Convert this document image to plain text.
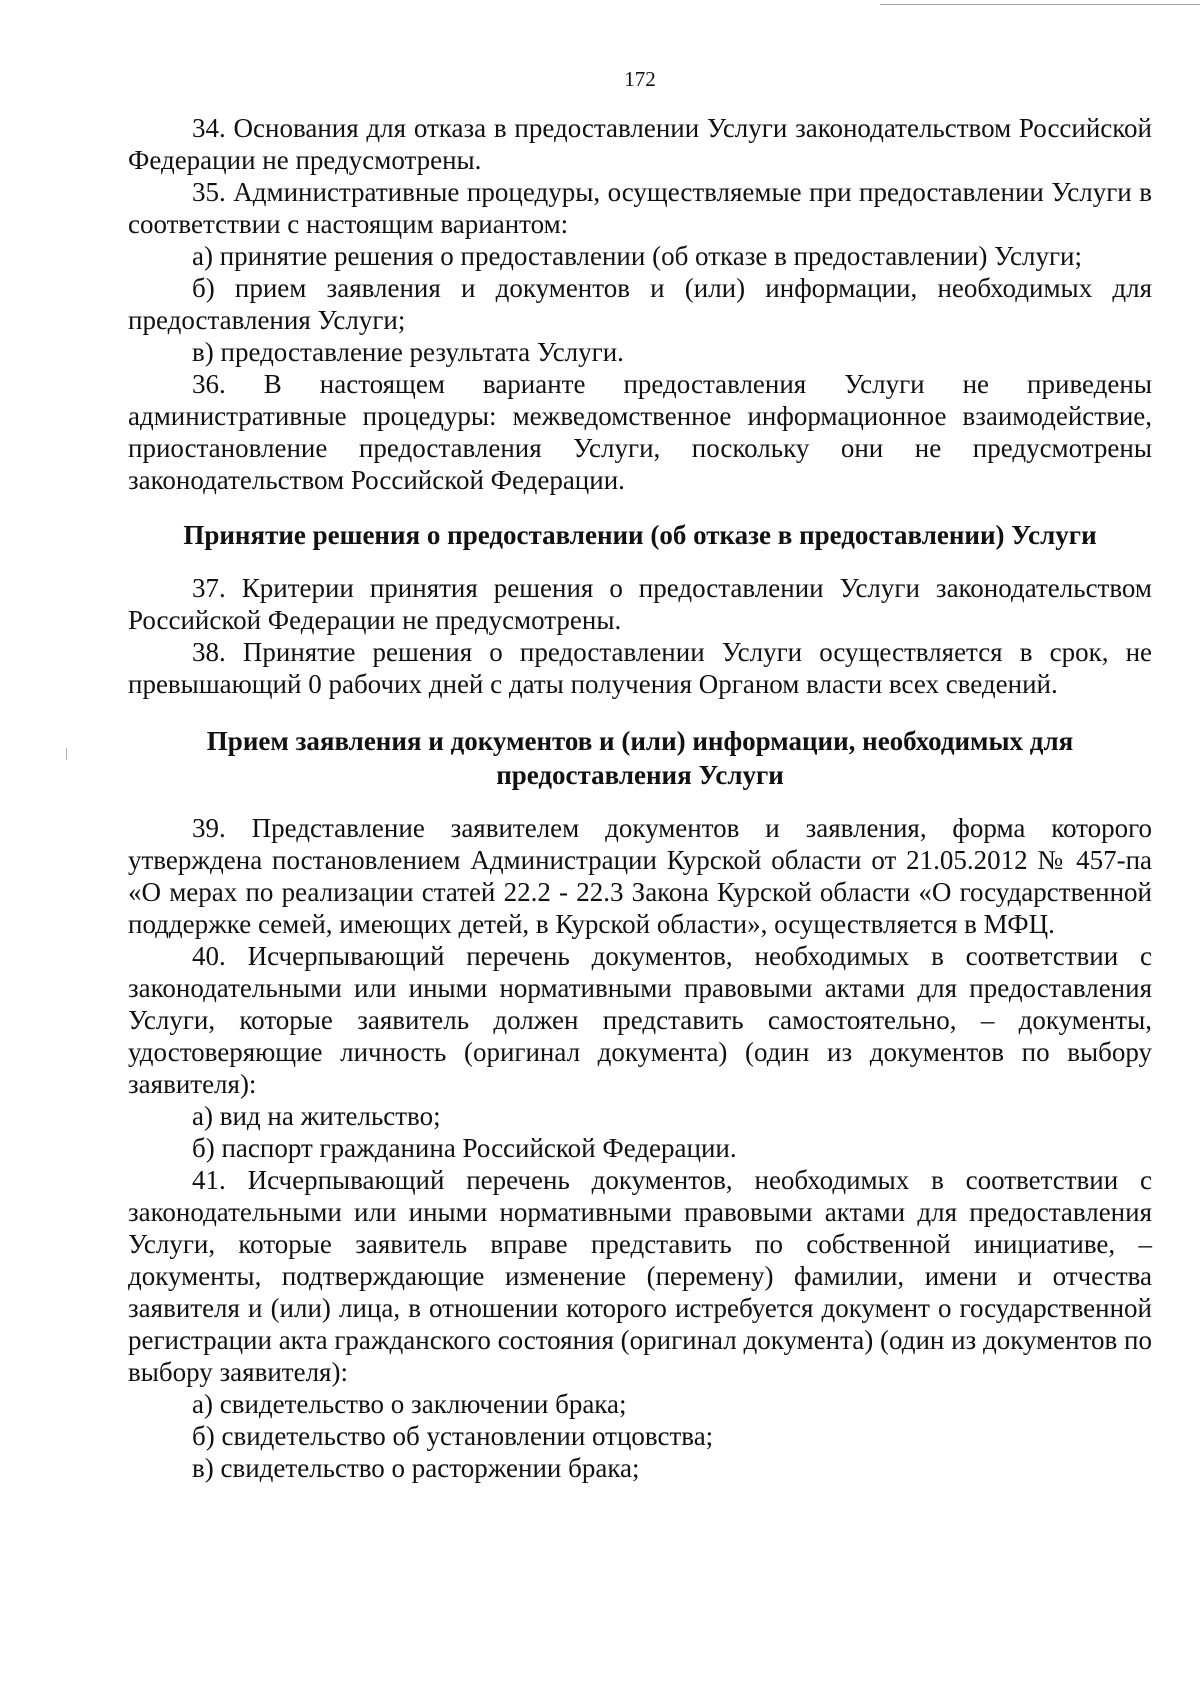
172

34. Основания для отказа в предоставлении Услуги законодательством Российской Федерации не предусмотрены.

35. Административные процедуры, осуществляемые при предоставлении Услуги в соответствии с настоящим вариантом:

а) принятие решения о предоставлении (об отказе в предоставлении) Услуги;

б) прием заявления и документов и (или) информации, необходимых для предоставления Услуги;

в) предоставление результата Услуги.

36. В настоящем варианте предоставления Услуги не приведены административные процедуры: межведомственное информационное взаимодействие, приостановление предоставления Услуги, поскольку они не предусмотрены законодательством Российской Федерации.

Принятие решения о предоставлении (об отказе в предоставлении) Услуги

37. Критерии принятия решения о предоставлении Услуги законодательством Российской Федерации не предусмотрены.

38. Принятие решения о предоставлении Услуги осуществляется в срок, не превышающий 0 рабочих дней с даты получения Органом власти всех сведений.

Прием заявления и документов и (или) информации, необходимых для предоставления Услуги

39. Представление заявителем документов и заявления, форма которого утверждена постановлением Администрации Курской области от 21.05.2012 № 457-па «О мерах по реализации статей 22.2 - 22.3 Закона Курской области «О государственной поддержке семей, имеющих детей, в Курской области», осуществляется в МФЦ.

40. Исчерпывающий перечень документов, необходимых в соответствии с законодательными или иными нормативными правовыми актами для предоставления Услуги, которые заявитель должен представить самостоятельно, – документы, удостоверяющие личность (оригинал документа) (один из документов по выбору заявителя):

а) вид на жительство;

б) паспорт гражданина Российской Федерации.

41. Исчерпывающий перечень документов, необходимых в соответствии с законодательными или иными нормативными правовыми актами для предоставления Услуги, которые заявитель вправе представить по собственной инициативе, – документы, подтверждающие изменение (перемену) фамилии, имени и отчества заявителя и (или) лица, в отношении которого истребуется документ о государственной регистрации акта гражданского состояния (оригинал документа) (один из документов по выбору заявителя):

а) свидетельство о заключении брака;

б) свидетельство об установлении отцовства;

в) свидетельство о расторжении брака;
